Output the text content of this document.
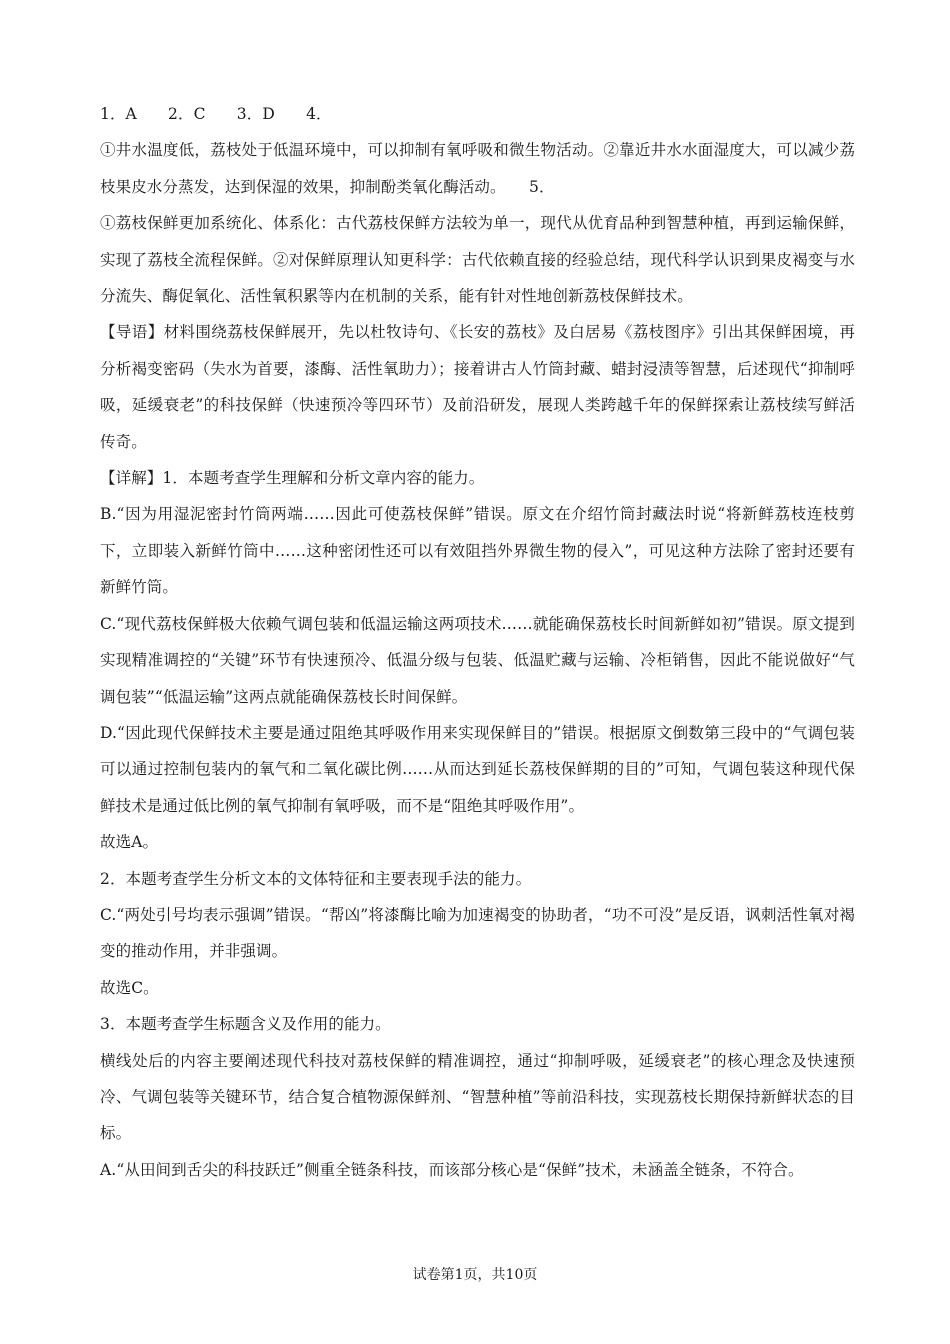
1．A　　2．C　　3．D　　4．

①井水温度低，荔枝处于低温环境中，可以抑制有氧呼吸和微生物活动。②靠近井水水面湿度大，可以减少荔枝果皮水分蒸发，达到保湿的效果，抑制酚类氧化酶活动。　　5．

①荔枝保鲜更加系统化、体系化：古代荔枝保鲜方法较为单一，现代从优育品种到智慧种植，再到运输保鲜，实现了荔枝全流程保鲜。②对保鲜原理认知更科学：古代依赖直接的经验总结，现代科学认识到果皮褐变与水分流失、酶促氧化、活性氧积累等内在机制的关系，能有针对性地创新荔枝保鲜技术。

【导语】材料围绕荔枝保鲜展开，先以杜牧诗句、《长安的荔枝》及白居易《荔枝图序》引出其保鲜困境，再分析褐变密码（失水为首要，漆酶、活性氧助力）；接着讲古人竹筒封藏、蜡封浸渍等智慧，后述现代“抑制呼吸，延缓衰老”的科技保鲜（快速预冷等四环节）及前沿研发，展现人类跨越千年的保鲜探索让荔枝续写鲜活传奇。

【详解】1．本题考查学生理解和分析文章内容的能力。

B.“因为用湿泥密封竹筒两端……因此可使荔枝保鲜”错误。原文在介绍竹筒封藏法时说“将新鲜荔枝连枝剪下，立即装入新鲜竹筒中……这种密闭性还可以有效阻挡外界微生物的侵入”，可见这种方法除了密封还要有新鲜竹筒。

C.“现代荔枝保鲜极大依赖气调包装和低温运输这两项技术……就能确保荔枝长时间新鲜如初”错误。原文提到实现精准调控的“关键”环节有快速预冷、低温分级与包装、低温贮藏与运输、冷柜销售，因此不能说做好“气调包装”“低温运输”这两点就能确保荔枝长时间保鲜。

D.“因此现代保鲜技术主要是通过阻绝其呼吸作用来实现保鲜目的”错误。根据原文倒数第三段中的“气调包装可以通过控制包装内的氧气和二氧化碳比例……从而达到延长荔枝保鲜期的目的”可知，气调包装这种现代保鲜技术是通过低比例的氧气抑制有氧呼吸，而不是“阻绝其呼吸作用”。

故选A。

2．本题考查学生分析文本的文体特征和主要表现手法的能力。

C.“两处引号均表示强调”错误。“帮凶”将漆酶比喻为加速褐变的协助者，“功不可没”是反语，讽刺活性氧对褐变的推动作用，并非强调。

故选C。

3．本题考查学生标题含义及作用的能力。

横线处后的内容主要阐述现代科技对荔枝保鲜的精准调控，通过“抑制呼吸，延缓衰老”的核心理念及快速预冷、气调包装等关键环节，结合复合植物源保鲜剂、“智慧种植”等前沿科技，实现荔枝长期保持新鲜状态的目标。

A.“从田间到舌尖的科技跃迁”侧重全链条科技，而该部分核心是“保鲜”技术，未涵盖全链条，不符合。

试卷第1页，共10页
